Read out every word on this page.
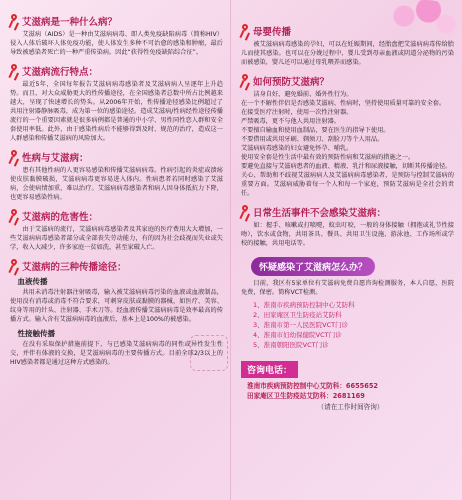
艾滋病是一种什么病？

艾滋病（AIDS）是一种由艾滋病病毒、即人类免疫缺陷病毒（简称HIV）侵入人体后破坏人体免疫功能，使人体发生多种不可治愈的感染和肿瘤，最后导致被感染者死亡的一种严重传染病。因此“获得性免疫缺陷综合征”。

艾滋病流行特点：

最近5年，全国每年报告艾滋病病毒感染者及艾滋病病人呈逐年上升趋势。而且，对大众威胁更大的性传播途径，在全国感染者总数中所占比例越来越大，呈现了快速增长的势头。从2006年开始，性传播途径感染比例超过了共用注射器静脉吸毒，成为第一位的感染途径。造成艾滋病/性病经性途径传播流行的一个重要因素就是很多病例都是普通的中小学、男性同性恋人群和安全套使用率低。此外，由于感染性病后不能够得到及时、规范的治疗，造成这一人群感染和传播艾滋病的风险加大。

性病与艾滋病：

患有其他性病的人更容易感染和传播艾滋病病毒。性病引起的炎症或溃疡使皮肤黏膜破损，艾滋病病毒更容易进入体内。性病患者若同时感染了艾滋病，会使病情加重，难以治疗。艾滋病病毒感染者和病人因身体抵抗力下降，也更容易感染性病。

艾滋病的危害性：

由于艾滋病的流行，艾滋病病毒感染者及其家庭的医疗费用大大增加，一些艾滋病病毒感染者部分或全部丧失劳动能力，有的因为社会歧视而失业或失学，收入大减少，许多家庭一贫如洗，甚至家破人亡。

艾滋病的三种传播途径：
血液传播

共用未消毒注射器注射吸毒，输入被艾滋病病毒污染的血液或血液制品，使用没有消毒或消毒不符合要求，可刺穿皮肤或黏膜的器械，如医疗、美容、纹身等用的针头、注射器、手术刀等。经血液传播艾滋病病毒是效率最高的传播方式。输入含有艾滋病病毒的血液后，基本上是100%的被感染。

性接触传播

在没有采取保护措施前提下，与已感染艾滋病病毒的同性或异性发生性交，并伴有体液的交换，是艾滋病病毒的主要传播方式。目前全球2/3以上的HIV感染者都是通过这种方式感染的。

母婴传播

被艾滋病病毒感染的孕妇，可以在妊娠期间，经胎盘把艾滋病病毒传给胎儿而使其感染。也可以在分娩过程中、婴儿受到母亲血液或阴道分泌物的污染而被感染，婴儿还可以通过母乳喂养而感染。

如何预防艾滋病？

洁身自好，避免婚前、婚外性行为。
在一个不解性伴侣是否感染艾滋病、性病时，坚持使用质量可靠的安全套。
在接受医疗注射时，使用一次性注射器。
严禁吸毒，更不与他人共用注射器。
不要擅自输血和使用血制品，要在医生的指导下使用。
不要借用或共用牙刷、剃须刀、刮脸刀等个人用品。
艾滋病病毒感染的妇女避免怀孕、哺乳。
使用安全套是性生活中最有效的预防性病和艾滋病的措施之一。
要避免直接与艾滋病患者的血液、精液、乳汁和尿液接触，切断其传播途径。
关心、帮助和不歧视艾滋病病人及艾滋病病毒感染者，是预防与控制艾滋病的重要方面。艾滋病威胁着每一个人和每一个家庭，预防艾滋病是全社会的责任。

日常生活事件不会感染艾滋病：

如：握手、咳嗽或打喷嚏，蚊虫叮咬，一般的身体接触（拥抱或礼节性接吻），饮水或食物，共用茶具、餐具、共用卫生设施、游泳池、工作场所或学校的接触，共用电话等。

怀疑感染了艾滋病怎么办？

目前，我区有5家单位有艾滋病免费自愿咨询检测服务，本人自愿，医院免费，保密。简称VCT检测。

1、淮南市疾病预防控制中心艾防科
2、田家庵区卫生防疫站艾防科
3、淮南市第一人民医院VCT门诊
4、淮南市妇幼保健院VCT门诊
5、淮南朝阳医院VCT门诊
咨询电话：
淮南市疾病预防控制中心艾防科：6655652
田家庵区卫生防疫站艾防科：2681169
（请在工作时间咨询）
